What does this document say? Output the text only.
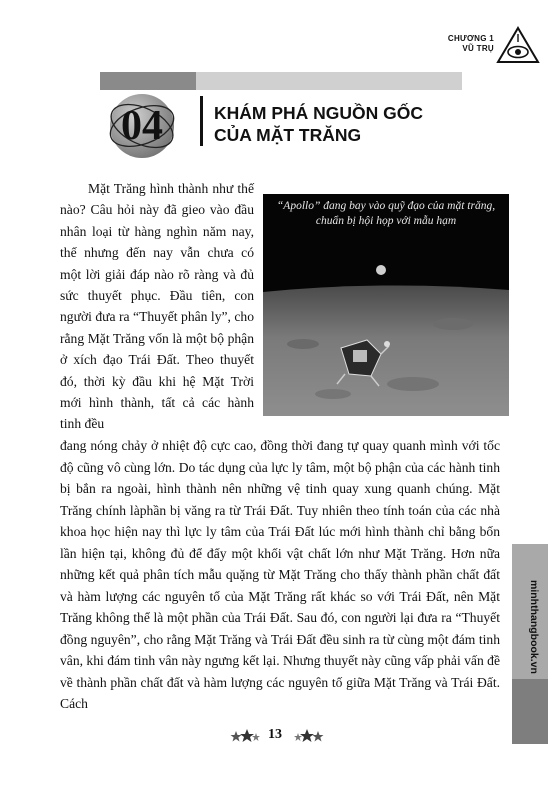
CHƯƠNG 1
VŨ TRỤ
04	KHÁM PHÁ NGUỒN GỐC CỦA MẶT TRĂNG
“Apollo” đang bay vào quỹ đạo của mặt trăng, chuẩn bị hội họp với mẫu hạm
Mặt Trăng hình thành như thế nào? Câu hỏi này đã gieo vào đầu nhân loại từ hàng nghìn năm nay, thế nhưng đến nay vẫn chưa có một lời giải đáp nào rõ ràng và đủ sức thuyết phục. Đầu tiên, con người đưa ra “Thuyết phân ly”, cho rằng Mặt Trăng vốn là một bộ phận ở xích đạo Trái Đất. Theo thuyết đó, thời kỳ đầu khi hệ Mặt Trời mới hình thành, tất cả các hành tinh đều
đang nóng chảy ở nhiệt độ cực cao, đồng thời đang tự quay quanh mình với tốc độ cũng vô cùng lớn. Do tác dụng của lực ly tâm, một bộ phận của các hành tinh bị bắn ra ngoài, hình thành nên những vệ tinh quay xung quanh chúng. Mặt Trăng chính làphần bị văng ra từ Trái Đất. Tuy nhiên theo tính toán của các nhà khoa học hiện nay thì lực ly tâm của Trái Đất lúc mới hình thành chỉ bằng bốn lần hiện tại, không đủ để đẩy một khối vật chất lớn như Mặt Trăng. Hơn nữa những kết quả phân tích mẫu quặng từ Mặt Trăng cho thấy thành phần chất đất và hàm lượng các nguyên tố của Mặt Trăng rất khác so với Trái Đất, nên Mặt Trăng không thể là một phần của Trái Đất. Sau đó, con người lại đưa ra “Thuyết đồng nguyên”, cho rằng Mặt Trăng và Trái Đất đều sinh ra từ cùng một đám tinh vân, khi đám tinh vân này ngưng kết lại. Nhưng thuyết này cũng vấp phải vấn đề về thành phần chất đất và hàm lượng các nguyên tố giữa Mặt Trăng và Trái Đất. Cách
minhthangbook.vn
13
